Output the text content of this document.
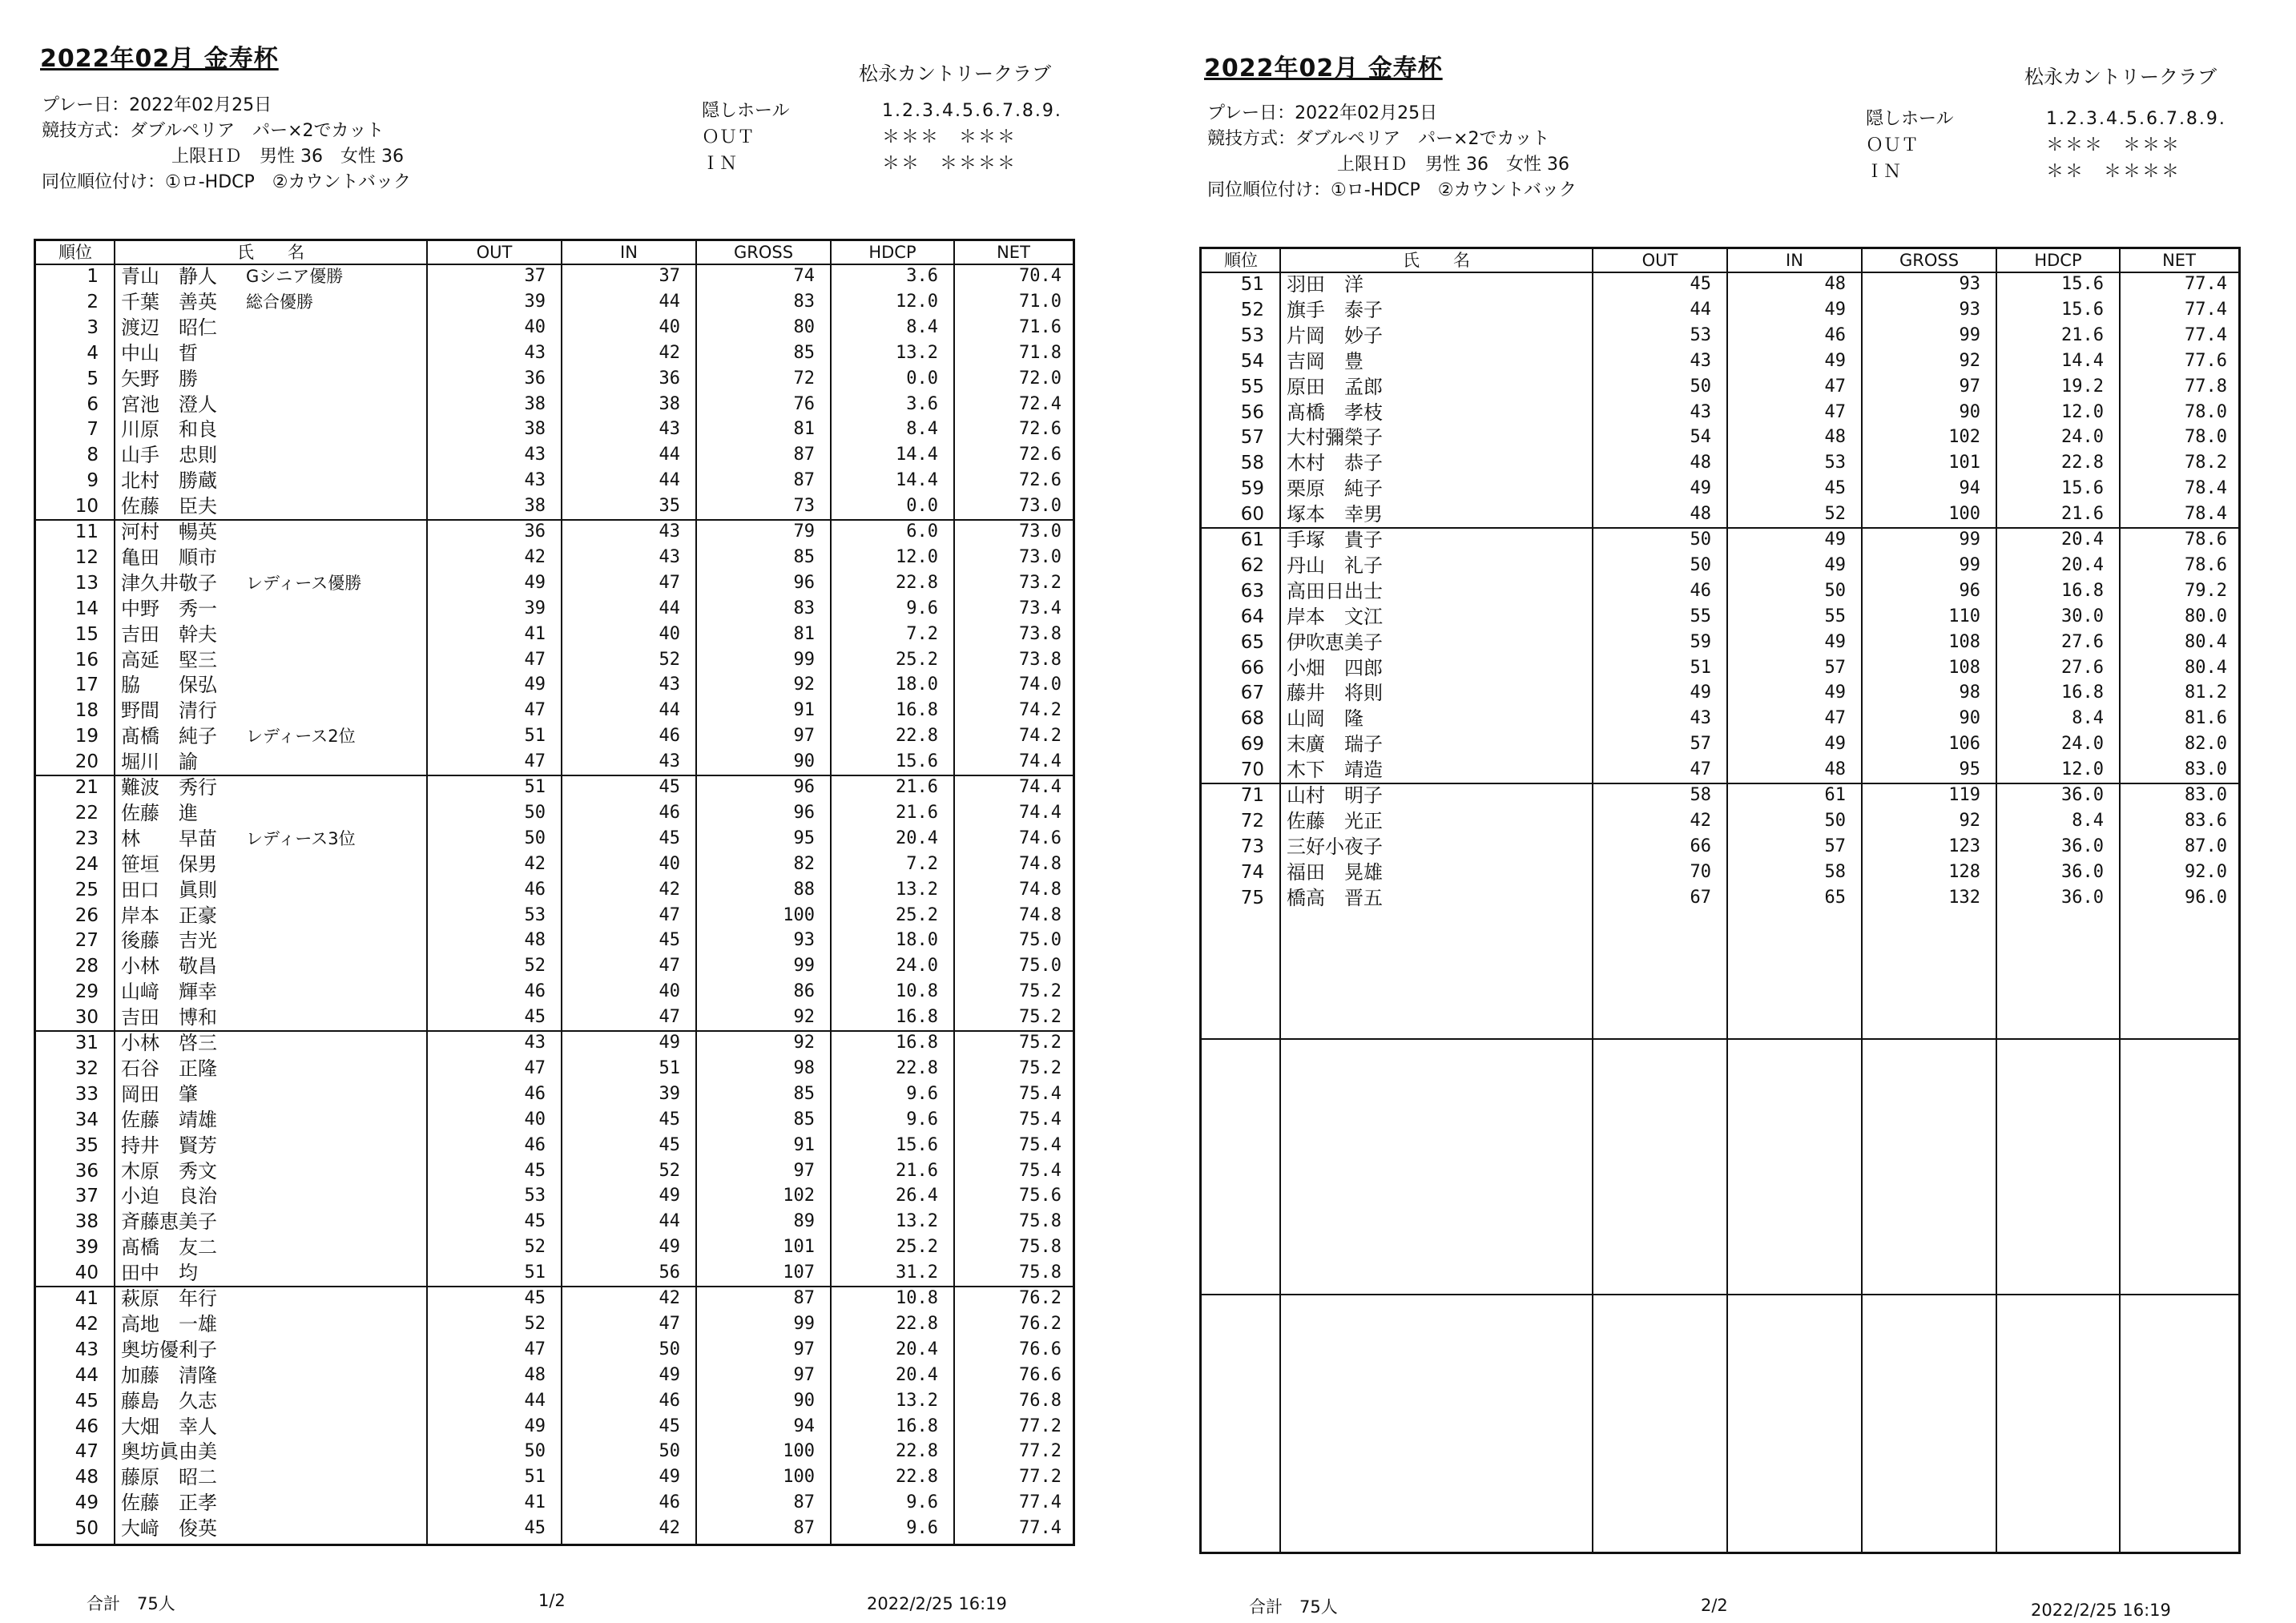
2022年02月 金寿杯
松永カントリークラブ
プレー日：2022年02月25日
競技方式：ダブルペリア　パー×2でカット
上限ＨＤ　男性 36　女性 36
同位順位付け：①ロ-HDCP　②カウントバック
隠しホール	1.2.3.4.5.6.7.8.9.
ＯＵＴ	＊＊＊　＊＊＊
ＩＮ	＊＊　＊＊＊＊
順位	氏　　名	OUT	IN	GROSS	HDCP	NET
1 青山　静人 Gシニア優勝	37	37	74	3.6	70.4
2 千葉　善英 総合優勝	39	44	83	12.0	71.0
3 渡辺　昭仁	40	40	80	8.4	71.6
4 中山　晢	43	42	85	13.2	71.8
5 矢野　勝	36	36	72	0.0	72.0
6 宮池　澄人	38	38	76	3.6	72.4
7 川原　和良	38	43	81	8.4	72.6
8 山手　忠則	43	44	87	14.4	72.6
9 北村　勝蔵	43	44	87	14.4	72.6
10 佐藤　臣夫	38	35	73	0.0	73.0
11 河村　暢英	36	43	79	6.0	73.0
12 亀田　順市	42	43	85	12.0	73.0
13 津久井敬子 レディース優勝	49	47	96	22.8	73.2
14 中野　秀一	39	44	83	9.6	73.4
15 吉田　幹夫	41	40	81	7.2	73.8
16 高延　堅三	47	52	99	25.2	73.8
17 脇　　保弘	49	43	92	18.0	74.0
18 野間　清行	47	44	91	16.8	74.2
19 髙橋　純子 レディース2位	51	46	97	22.8	74.2
20 堀川　諭	47	43	90	15.6	74.4
21 難波　秀行	51	45	96	21.6	74.4
22 佐藤　進	50	46	96	21.6	74.4
23 林　　早苗 レディース3位	50	45	95	20.4	74.6
24 笹垣　保男	42	40	82	7.2	74.8
25 田口　眞則	46	42	88	13.2	74.8
26 岸本　正豪	53	47	100	25.2	74.8
27 後藤　吉光	48	45	93	18.0	75.0
28 小林　敬昌	52	47	99	24.0	75.0
29 山﨑　輝幸	46	40	86	10.8	75.2
30 吉田　博和	45	47	92	16.8	75.2
31 小林　啓三	43	49	92	16.8	75.2
32 石谷　正隆	47	51	98	22.8	75.2
33 岡田　肇	46	39	85	9.6	75.4
34 佐藤　靖雄	40	45	85	9.6	75.4
35 持井　賢芳	46	45	91	15.6	75.4
36 木原　秀文	45	52	97	21.6	75.4
37 小迫　良治	53	49	102	26.4	75.6
38 斉藤恵美子	45	44	89	13.2	75.8
39 髙橋　友二	52	49	101	25.2	75.8
40 田中　均	51	56	107	31.2	75.8
41 萩原　年行	45	42	87	10.8	76.2
42 高地　一雄	52	47	99	22.8	76.2
43 奥坊優利子	47	50	97	20.4	76.6
44 加藤　清隆	48	49	97	20.4	76.6
45 藤島　久志	44	46	90	13.2	76.8
46 大畑　幸人	49	45	94	16.8	77.2
47 奥坊眞由美	50	50	100	22.8	77.2
48 藤原　昭二	51	49	100	22.8	77.2
49 佐藤　正孝	41	46	87	9.6	77.4
50 大﨑　俊英	45	42	87	9.6	77.4
合計　75人	1/2	2022/2/25 16:19
2022年02月 金寿杯	松永カントリークラブ
プレー日：2022年02月25日
競技方式：ダブルペリア　パー×2でカット
上限ＨＤ　男性 36　女性 36
同位順位付け：①ロ-HDCP　②カウントバック
隠しホール	1.2.3.4.5.6.7.8.9.
ＯＵＴ	＊＊＊　＊＊＊
ＩＮ	＊＊　＊＊＊＊
順位	氏　　名	OUT	IN	GROSS	HDCP	NET
51 羽田　洋	45	48	93	15.6	77.4
52 旗手　泰子	44	49	93	15.6	77.4
53 片岡　妙子	53	46	99	21.6	77.4
54 吉岡　豊	43	49	92	14.4	77.6
55 原田　孟郎	50	47	97	19.2	77.8
56 髙橋　孝枝	43	47	90	12.0	78.0
57 大村彌榮子	54	48	102	24.0	78.0
58 木村　恭子	48	53	101	22.8	78.2
59 栗原　純子	49	45	94	15.6	78.4
60 塚本　幸男	48	52	100	21.6	78.4
61 手塚　貴子	50	49	99	20.4	78.6
62 丹山　礼子	50	49	99	20.4	78.6
63 高田日出士	46	50	96	16.8	79.2
64 岸本　文江	55	55	110	30.0	80.0
65 伊吹恵美子	59	49	108	27.6	80.4
66 小畑　四郎	51	57	108	27.6	80.4
67 藤井　将則	49	49	98	16.8	81.2
68 山岡　隆	43	47	90	8.4	81.6
69 末廣　瑞子	57	49	106	24.0	82.0
70 木下　靖造	47	48	95	12.0	83.0
71 山村　明子	58	61	119	36.0	83.0
72 佐藤　光正	42	50	92	8.4	83.6
73 三好小夜子	66	57	123	36.0	87.0
74 福田　晃雄	70	58	128	36.0	92.0
75 橋高　晋五	67	65	132	36.0	96.0
合計　75人	2/2	2022/2/25 16:19
